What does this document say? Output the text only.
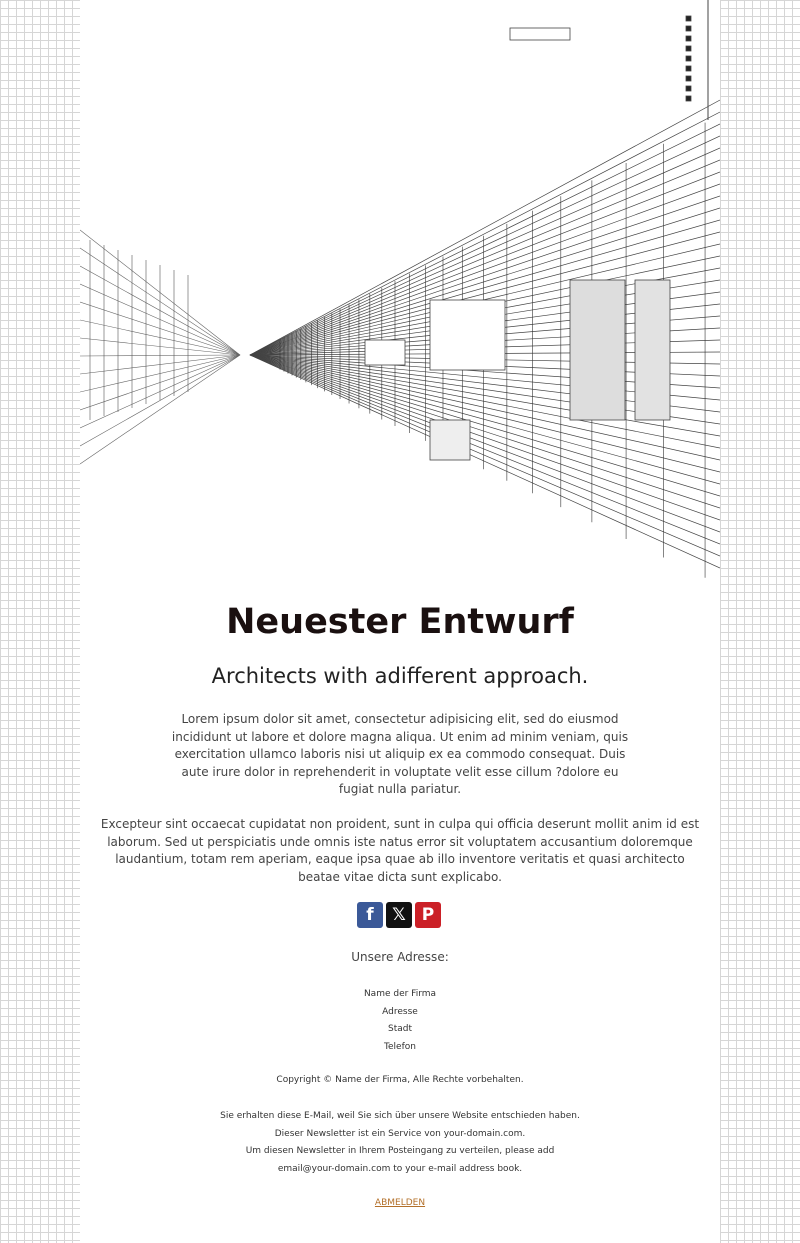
Neuester Entwurf
Architects with adifferent approach.

Lorem ipsum dolor sit amet, consectetur adipisicing elit, sed do eiusmod incididunt ut labore et dolore magna aliqua. Ut enim ad minim veniam, quis exercitation ullamco laboris nisi ut aliquip ex ea commodo consequat. Duis aute irure dolor in reprehenderit in voluptate velit esse cillum ?dolore eu fugiat nulla pariatur.

Excepteur sint occaecat cupidatat non proident, sunt in culpa qui officia deserunt mollit anim id est laborum. Sed ut perspiciatis unde omnis iste natus error sit voluptatem accusantium doloremque laudantium, totam rem aperiam, eaque ipsa quae ab illo inventore veritatis et quasi architecto beatae vitae dicta sunt explicabo.

f	𝕏 P
Unsere Adresse:
Name der Firma
Adresse
Stadt
Telefon
Copyright © Name der Firma, Alle Rechte vorbehalten.
Sie erhalten diese E-Mail, weil Sie sich über unsere Website entschieden haben.
Dieser Newsletter ist ein Service von your-domain.com.
Um diesen Newsletter in Ihrem Posteingang zu verteilen, please add
email@your-domain.com to your e-mail address book.
ABMELDEN
